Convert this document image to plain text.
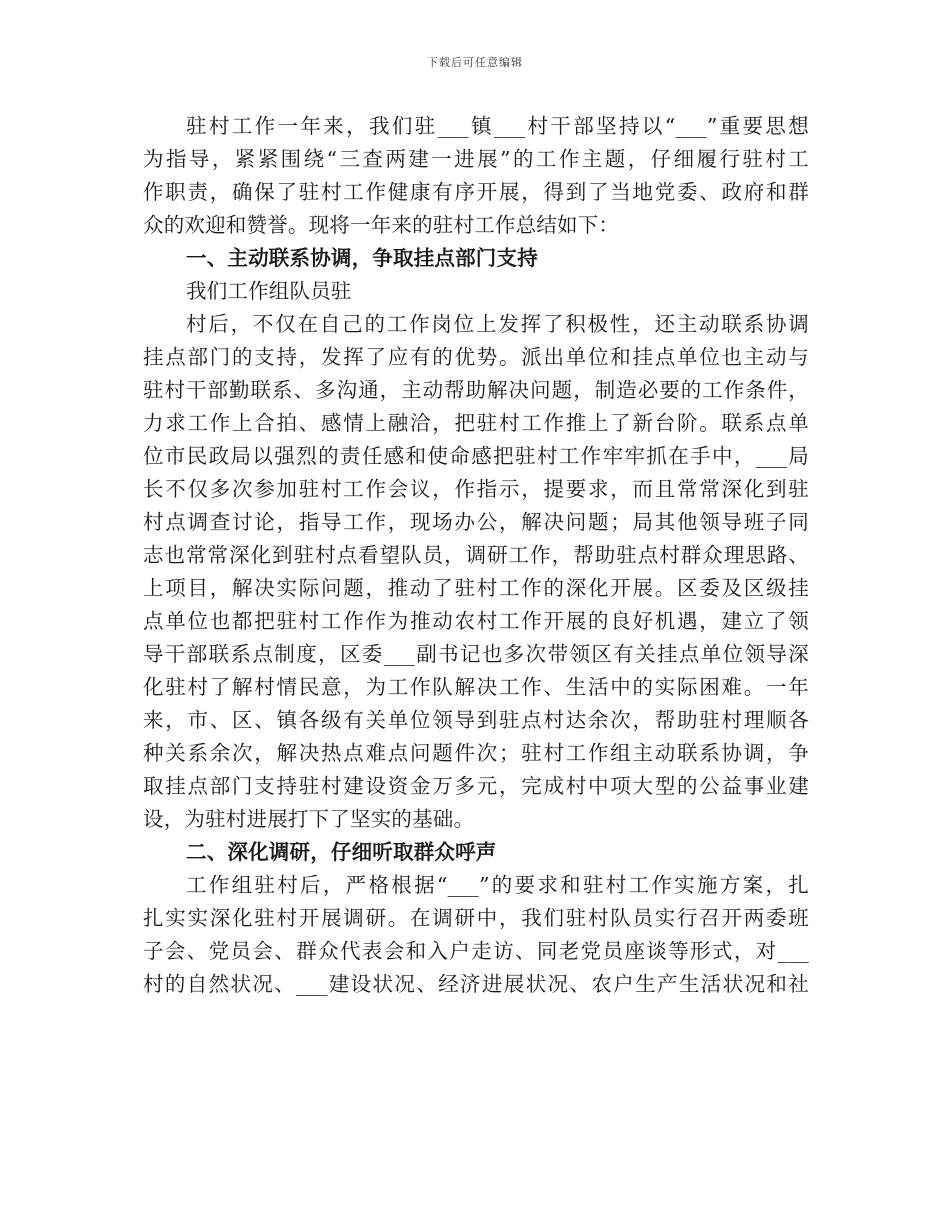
下载后可任意编辑
驻村工作一年来，我们驻___镇___村干部坚持以“___”重要思想
为指导，紧紧围绕“三查两建一进展”的工作主题，仔细履行驻村工
作职责，确保了驻村工作健康有序开展，得到了当地党委、政府和群
众的欢迎和赞誉。现将一年来的驻村工作总结如下：
一、主动联系协调，争取挂点部门支持
我们工作组队员驻
村后，不仅在自己的工作岗位上发挥了积极性，还主动联系协调
挂点部门的支持，发挥了应有的优势。派出单位和挂点单位也主动与
驻村干部勤联系、多沟通，主动帮助解决问题，制造必要的工作条件，
力求工作上合拍、感情上融洽，把驻村工作推上了新台阶。联系点单
位市民政局以强烈的责任感和使命感把驻村工作牢牢抓在手中，___局
长不仅多次参加驻村工作会议，作指示，提要求，而且常常深化到驻
村点调查讨论，指导工作，现场办公，解决问题；局其他领导班子同
志也常常深化到驻村点看望队员，调研工作，帮助驻点村群众理思路、
上项目，解决实际问题，推动了驻村工作的深化开展。区委及区级挂
点单位也都把驻村工作作为推动农村工作开展的良好机遇，建立了领
导干部联系点制度，区委___副书记也多次带领区有关挂点单位领导深
化驻村了解村情民意，为工作队解决工作、生活中的实际困难。一年
来，市、区、镇各级有关单位领导到驻点村达余次，帮助驻村理顺各
种关系余次，解决热点难点问题件次；驻村工作组主动联系协调，争
取挂点部门支持驻村建设资金万多元，完成村中项大型的公益事业建
设，为驻村进展打下了坚实的基础。
二、深化调研，仔细听取群众呼声
工作组驻村后，严格根据“___”的要求和驻村工作实施方案，扎
扎实实深化驻村开展调研。在调研中，我们驻村队员实行召开两委班
子会、党员会、群众代表会和入户走访、同老党员座谈等形式，对___
村的自然状况、___建设状况、经济进展状况、农户生产生活状况和社
